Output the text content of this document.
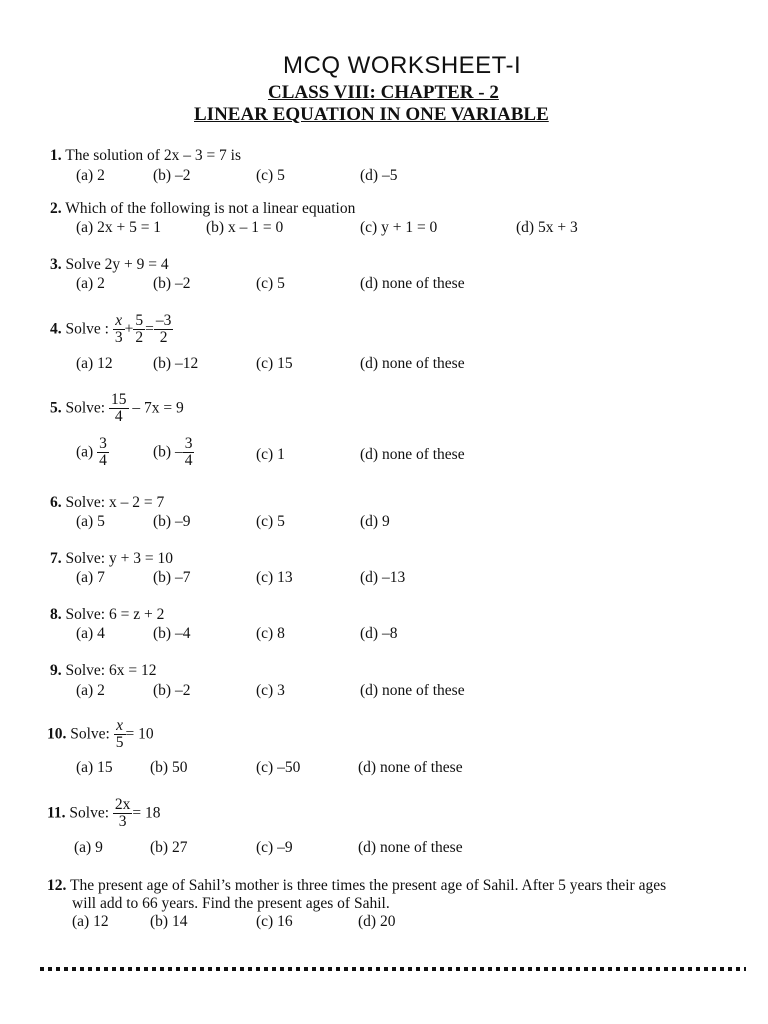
MCQ WORKSHEET-I
CLASS VIII: CHAPTER - 2
LINEAR EQUATION IN ONE VARIABLE
1. The solution of 2x – 3 = 7 is
(a) 2	(b) –2	(c) 5	(d) –5
2. Which of the following is not a linear equation
(a) 2x + 5 = 1	(b) x – 1 = 0	(c) y + 1 = 0	(d) 5x + 3
3. Solve 2y + 9 = 4
(a) 2	(b) –2	(c) 5	(d) none of these
4. Solve : $\frac{x}{3} + \frac{5}{2} = \frac{-3}{2}$
(a) 12	(b) –12	(c) 15	(d) none of these
5. Solve: $\frac{15}{4} - 7x = 9$
$(a) \frac{3}{4}$	$(b) - \frac{3}{4}$	(c) 1	(d) none of these
6. Solve: x – 2 = 7
(a) 5	(b) –9	(c) 5	(d) 9
7. Solve: y + 3 = 10
(a) 7	(b) –7	(c) 13	(d) –13
8. Solve: 6 = z + 2
(a) 4	(b) –4	(c) 8	(d) –8
9. Solve: 6x = 12
(a) 2	(b) –2	(c) 3	(d) none of these
10. Solve: $\frac{x}{5} = 10$
(a) 15 (b) 50	(c) –50	(d) none of these
11. Solve: $\frac{2x}{3} = 18$
(a) 9	(b) 27	(c) –9	(d) none of these
12. The present age of Sahil’s mother is three times the present age of Sahil. After 5 years their ages
will add to 66 years. Find the present ages of Sahil.
(a) 12	(b) 14	(c) 16	(d) 20
